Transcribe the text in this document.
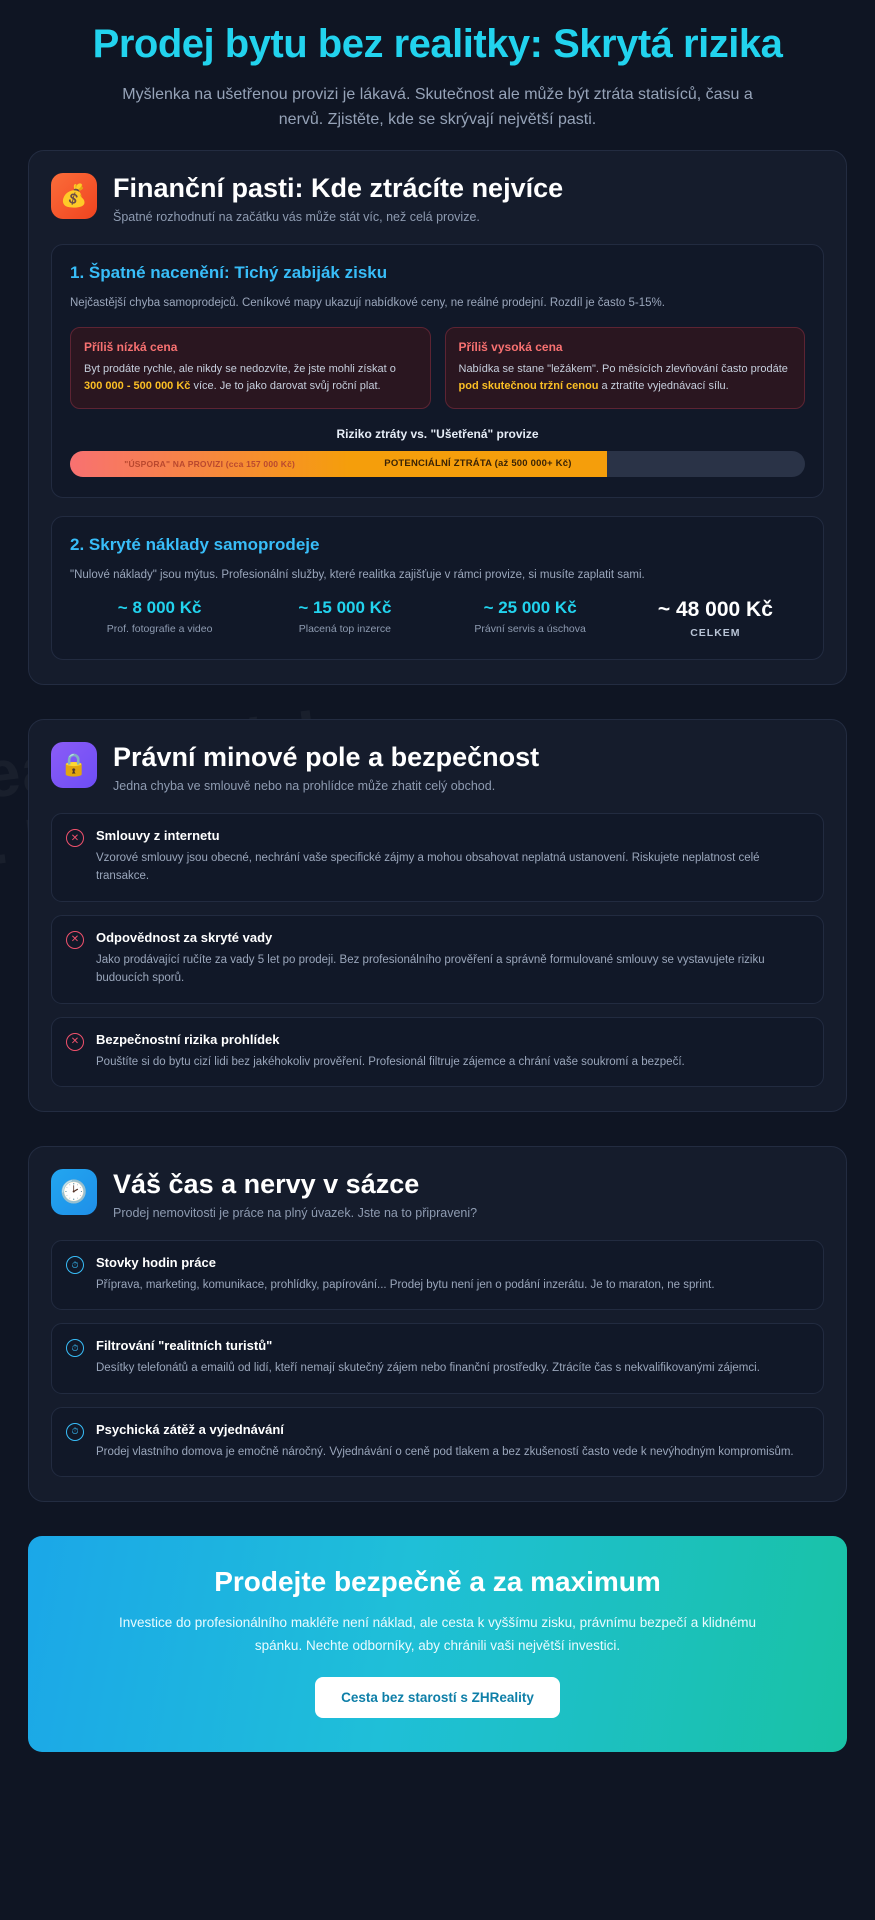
Prodej bytu bez realitky: Skrytá rizika

Myšlenka na ušetřenou provizi je lákavá. Skutečnost ale může být ztráta statisíců, času a nervů. Zjistěte, kde se skrývají největší pasti.

💰 Finanční pasti: Kde ztrácíte nejvíce
Špatné rozhodnutí na začátku vás může stát víc, než celá provize.
1. Špatné nacenění: Tichý zabiják zisku

Nejčastější chyba samoprodejců. Ceníkové mapy ukazují nabídkové ceny, ne reálné prodejní. Rozdíl je často 5-15%.

Příliš nízká cena

Byt prodáte rychle, ale nikdy se nedozvíte, že jste mohli získat o 300 000 - 500 000 Kč více. Je to jako darovat svůj roční plat.

Příliš vysoká cena

Nabídka se stane "ležákem". Po měsících zlevňování často prodáte pod skutečnou tržní cenou a ztratíte vyjednávací sílu.

Riziko ztráty vs. "Ušetřená" provize
"ÚSPORA" NA PROVIZI (cca 157 000 Kč)	POTENCIÁLNÍ ZTRÁTA (až 500 000+ Kč)
2. Skryté náklady samoprodeje

"Nulové náklady" jsou mýtus. Profesionální služby, které realitka zajišťuje v rámci provize, si musíte zaplatit sami.

~ 8 000 Kč
Prof. fotografie a video
~ 15 000 Kč
Placená top inzerce
~ 25 000 Kč
Právní servis a úschova
~ 48 000 Kč
CELKEM
🔒 Právní minové pole a bezpečnost
Jedna chyba ve smlouvě nebo na prohlídce může zhatit celý obchod.
✕	Smlouvy z internetu

Vzorové smlouvy jsou obecné, nechrání vaše specifické zájmy a mohou obsahovat neplatná ustanovení. Riskujete neplatnost celé transakce.

✕	Odpovědnost za skryté vady

Jako prodávající ručíte za vady 5 let po prodeji. Bez profesionálního prověření a správně formulované smlouvy se vystavujete riziku budoucích sporů.

✕	Bezpečnostní rizika prohlídek

Pouštíte si do bytu cizí lidi bez jakéhokoliv prověření. Profesionál filtruje zájemce a chrání vaše soukromí a bezpečí.

🕑 Váš čas a nervy v sázce
Prodej nemovitosti je práce na plný úvazek. Jste na to připraveni?
⏱	Stovky hodin práce

Příprava, marketing, komunikace, prohlídky, papírování... Prodej bytu není jen o podání inzerátu. Je to maraton, ne sprint.

⏱	Filtrování "realitních turistů"

Desítky telefonátů a emailů od lidí, kteří nemají skutečný zájem nebo finanční prostředky. Ztrácíte čas s nekvalifikovanými zájemci.

⏱	Psychická zátěž a vyjednávání

Prodej vlastního domova je emočně náročný. Vyjednávání o ceně pod tlakem a bez zkušeností často vede k nevýhodným kompromisům.

Prodejte bezpečně a za maximum

Investice do profesionálního makléře není náklad, ale cesta k vyššímu zisku, právnímu bezpečí a klidnému spánku. Nechte odborníky, aby chránili vaši největší investici.

Cesta bez starostí s ZHReality
